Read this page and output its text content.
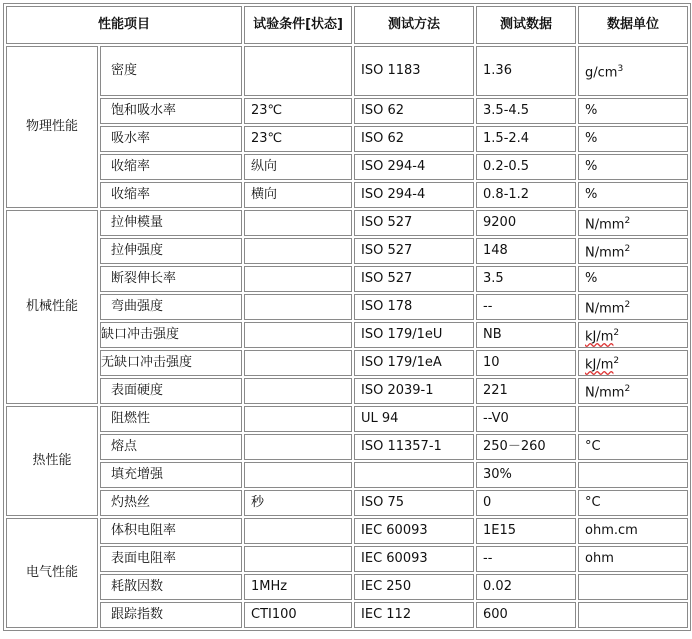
性能项目		试验条件[状态]	测试方法	测试数据	数据单位
物理性能	密度		ISO 1183	1.36	$g/cm^3$
	饱和吸水率	23℃	ISO 62	3.5-4.5	%
	吸水率	23℃	ISO 62	1.5-2.4	%
	收缩率	纵向	ISO 294-4	0.2-0.5	%
	收缩率	横向	ISO 294-4	0.8-1.2	%
机械性能	拉伸模量		ISO 527	9200	$N/mm^2$
	拉伸强度		ISO 527	148	$N/mm^2$
	断裂伸长率		ISO 527	3.5	%
	弯曲强度		ISO 178	--	$N/mm^2$
	缺口冲击强度		ISO 179/1eU	NB	$kJ/m^2$
	无缺口冲击强度		ISO 179/1eA	10	$kJ/m^2$
	表面硬度		ISO 2039-1	221	$N/mm^2$
热性能	阻燃性		UL 94	--V0	
	熔点		ISO 11357-1	250－260	°C
	填充增强			30%	
	灼热丝	秒	ISO 75	0	°C
电气性能	体积电阻率		IEC 60093	1E15	ohm.cm
	表面电阻率		IEC 60093	--	ohm
	耗散因数	1MHz	IEC 250	0.02	
	跟踪指数	CTI100	IEC 112	600	
